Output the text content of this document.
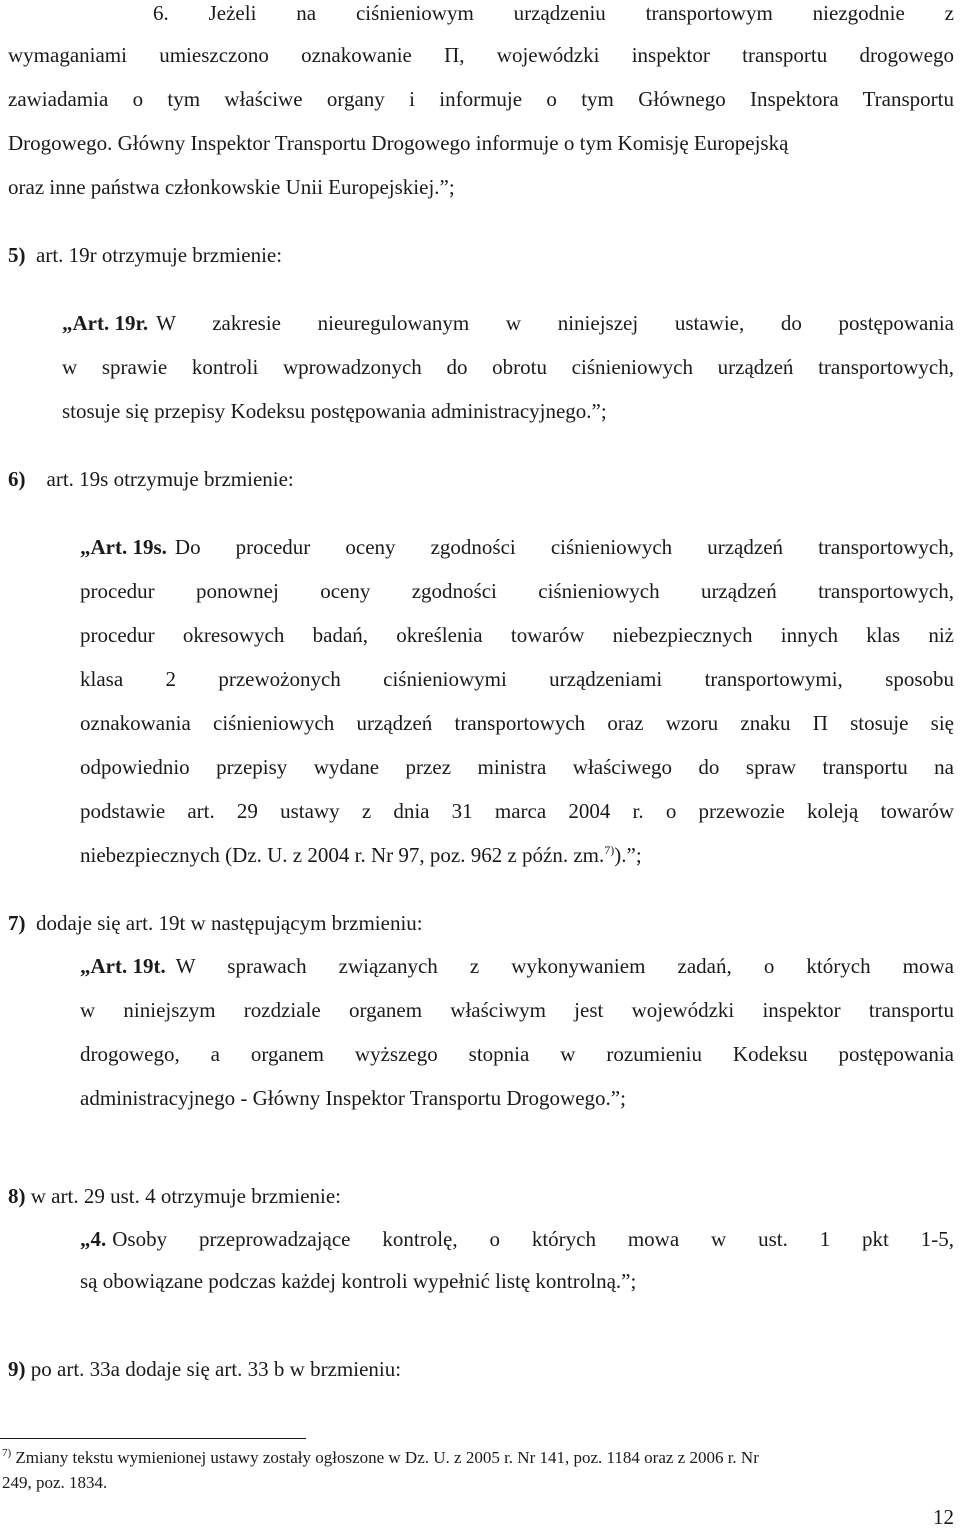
6. Jeżeli na ciśnieniowym urządzeniu transportowym niezgodnie z
wymaganiami umieszczono oznakowanie Π, wojewódzki inspektor transportu drogowego
zawiadamia o tym właściwe organy i informuje o tym Głównego Inspektora Transportu
Drogowego. Główny Inspektor Transportu Drogowego informuje o tym Komisję Europejską
oraz inne państwa członkowskie Unii Europejskiej.”;
5) art. 19r otrzymuje brzmienie:
„Art. 19r. W zakresie nieuregulowanym w niniejszej ustawie, do postępowania
w sprawie kontroli wprowadzonych do obrotu ciśnieniowych urządzeń transportowych,
stosuje się przepisy Kodeksu postępowania administracyjnego.”;
6) art. 19s otrzymuje brzmienie:
„Art. 19s. Do procedur oceny zgodności ciśnieniowych urządzeń transportowych,
procedur ponownej oceny zgodności ciśnieniowych urządzeń transportowych,
procedur okresowych badań, określenia towarów niebezpiecznych innych klas niż
klasa 2 przewożonych ciśnieniowymi urządzeniami transportowymi, sposobu
oznakowania ciśnieniowych urządzeń transportowych oraz wzoru znaku Π stosuje się
odpowiednio przepisy wydane przez ministra właściwego do spraw transportu na
podstawie art. 29 ustawy z dnia 31 marca 2004 r. o przewozie koleją towarów
niebezpiecznych (Dz. U. z 2004 r. Nr 97, poz. 962 z późn. zm.$^{7)}$).”;
7) dodaje się art. 19t w następującym brzmieniu:
„Art. 19t. W sprawach związanych z wykonywaniem zadań, o których mowa
w niniejszym rozdziale organem właściwym jest wojewódzki inspektor transportu
drogowego, a organem wyższego stopnia w rozumieniu Kodeksu postępowania
administracyjnego - Główny Inspektor Transportu Drogowego.”;
8) w art. 29 ust. 4 otrzymuje brzmienie:
„4. Osoby przeprowadzające kontrolę, o których mowa w ust. 1 pkt 1-5,
są obowiązane podczas każdej kontroli wypełnić listę kontrolną.”;
9) po art. 33a dodaje się art. 33 b w brzmieniu:
$^{7)}$ Zmiany tekstu wymienionej ustawy zostały ogłoszone w Dz. U. z 2005 r. Nr 141, poz. 1184 oraz z 2006 r. Nr
249, poz. 1834.
12
